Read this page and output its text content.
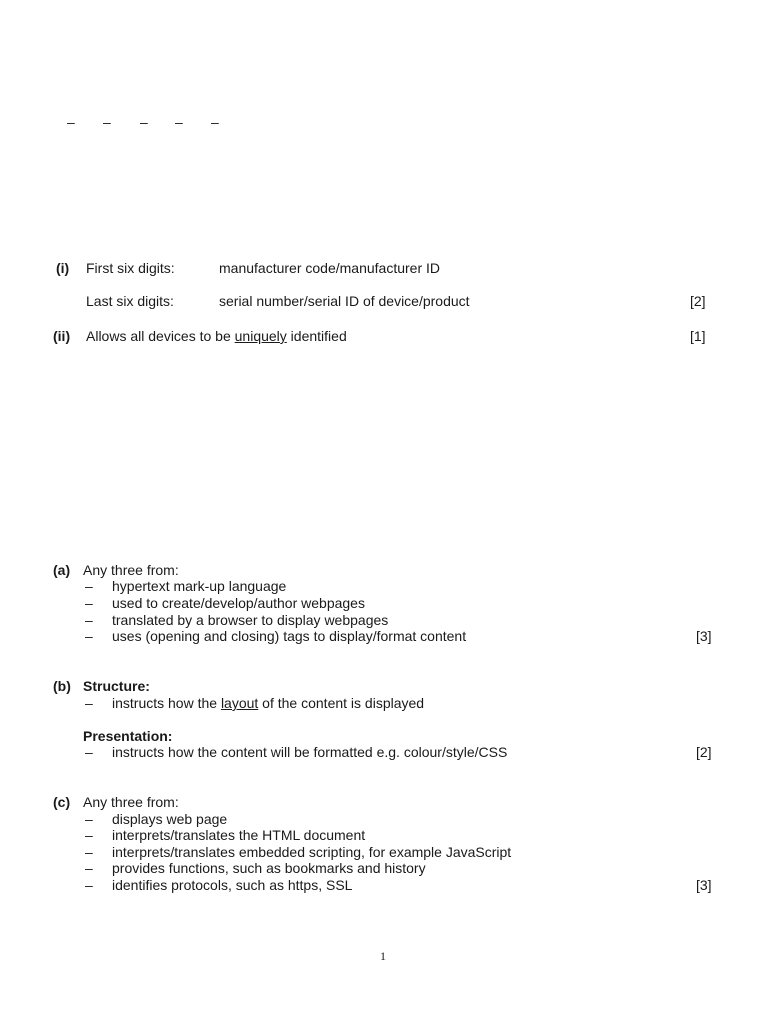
– – – – –
(i) First six digits:	manufacturer code/manufacturer ID
Last six digits:	serial number/serial ID of device/product	[2]
(ii) Allows all devices to be uniquely identified	[1]
(a) Any three from:
– hypertext mark-up language
– used to create/develop/author webpages
– translated by a browser to display webpages
– uses (opening and closing) tags to display/format content	[3]
(b) Structure:
– instructs how the layout of the content is displayed
Presentation:
– instructs how the content will be formatted e.g. colour/style/CSS	[2]
(c) Any three from:
– displays web page
– interprets/translates the HTML document
– interprets/translates embedded scripting, for example JavaScript
– provides functions, such as bookmarks and history
– identifies protocols, such as https, SSL	[3]
1
